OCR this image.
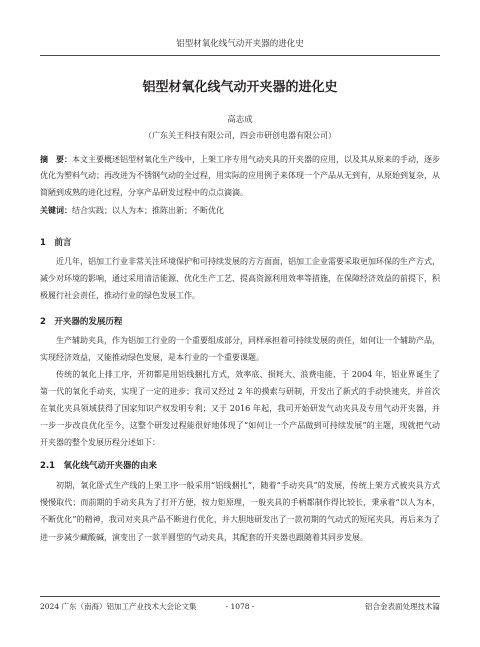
铝型材氧化线气动开夹器的进化史
铝型材氧化线气动开夹器的进化史
高志成
（广东关王科技有限公司，四会市研创电器有限公司）
摘　要：本文主要概述铝型材氧化生产线中，上架工序专用气动夹具的开夹器的应用，以及其从原来的手动，逐步优化为塑料气动；再改进为不锈钢气动的全过程，用实际的应用例子来体现一个产品从无到有，从原始到复杂，从简陋到成熟的进化过程，分享产品研发过程中的点点滴滴。
关键词：结合实践；以人为本；推陈出新；不断优化
1　前言

近几年，铝加工行业非常关注环境保护和可持续发展的方方面面，铝加工企业需要采取更加环保的生产方式，减少对环境的影响，通过采用清洁能源、优化生产工艺、提高资源利用效率等措施，在保障经济效益的前提下，积极履行社会责任，推动行业的绿色发展工作。

2　开夹器的发展历程

生产辅助夹具，作为铝加工行业的一个重要组成部分，同样承担着可持续发展的责任，如何让一个辅助产品，实现经济效益，又能推动绿色发展，是本行业的一个重要课题。

传统的氧化上排工序，开初都是用铝线捆扎方式，效率底、损耗大、浪费电能，于 2004 年，铝业界诞生了第一代的氧化手动夹，实现了一定的进步；我司又经过 2 年的摸索与研制，开发出了新式的手动快速夹，并首次在氧化夹具领域获得了国家知识产权发明专利；又于 2016 年起，我司开始研发气动夹具及专用气动开夹器，并一步一步改良优化至今，这整个研发过程能很好地体现了“如何让一个产品做到可持续发展”的主题，现就把气动开夹器的整个发展历程分述如下：

2.1　氧化线气动开夹器的由来

初期，氧化卧式生产线的上架工序一般采用“铝线捆扎”，随着“手动夹具”的发展，传统上架方式被夹具方式慢慢取代；而前期的手动夹具为了打开方便，按力矩原理，一般夹具的手柄都制作得比较长，秉承着“以人为本，不断优化”的精神，我司对夹具产品不断进行优化，并大胆地研发出了一款初期的气动式的短尾夹具，再后来为了进一步减少藏酸碱，演变出了一款半圆型的气动夹具，其配套的开夹器也跟随着其同步发展。

2024 广东（南海）铝加工产业技术大会论文集	- 1078 -	铝合金表面处理技术篇
